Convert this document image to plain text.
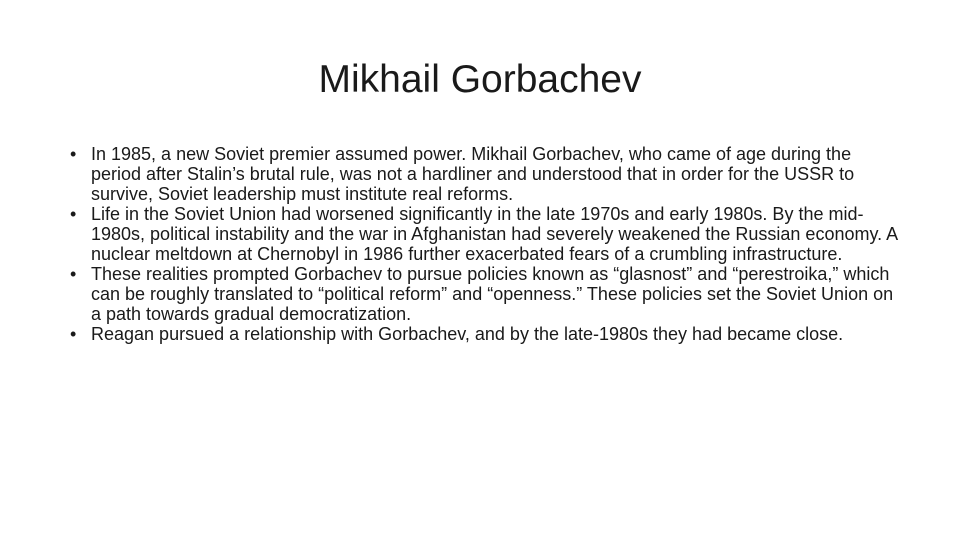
Mikhail Gorbachev
• In 1985, a new Soviet premier assumed power. Mikhail Gorbachev, who came of age during the period after Stalin’s brutal rule, was not a hardliner and understood that in order for the USSR to survive, Soviet leadership must institute real reforms.
• Life in the Soviet Union had worsened significantly in the late 1970s and early 1980s. By the mid-1980s, political instability and the war in Afghanistan had severely weakened the Russian economy. A nuclear meltdown at Chernobyl in 1986 further exacerbated fears of a crumbling infrastructure.
• These realities prompted Gorbachev to pursue policies known as “glasnost” and “perestroika,” which can be roughly translated to “political reform” and “openness.” These policies set the Soviet Union on a path towards gradual democratization.
• Reagan pursued a relationship with Gorbachev, and by the late-1980s they had became close.
